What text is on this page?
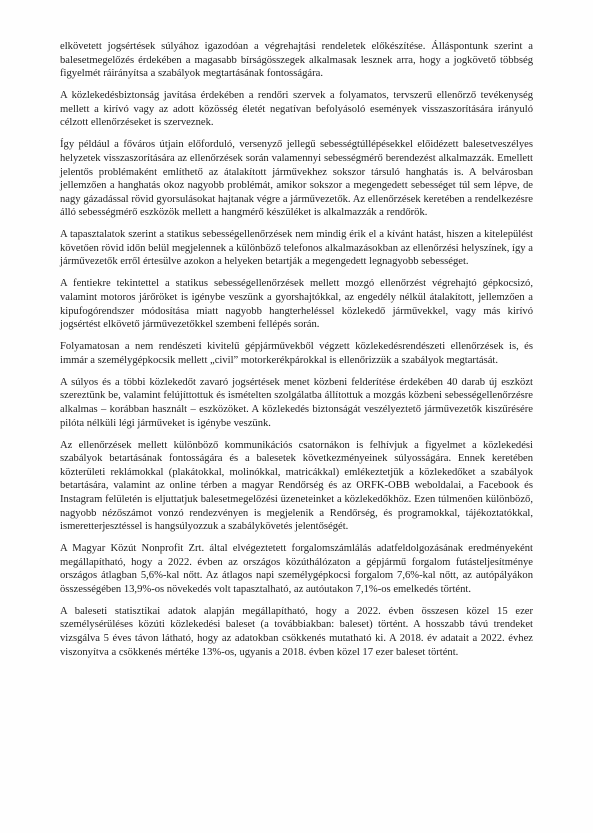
elkövetett jogsértések súlyához igazodóan a végrehajtási rendeletek előkészítése. Álláspontunk szerint a balesetmegelőzés érdekében a magasabb bírságösszegek alkalmasak lesznek arra, hogy a jogkövető többség figyelmét ráirányítsa a szabályok megtartásának fontosságára.

A közlekedésbiztonság javítása érdekében a rendőri szervek a folyamatos, tervszerű ellenőrző tevékenység mellett a kirívó vagy az adott közösség életét negatívan befolyásoló események visszaszorítására irányuló célzott ellenőrzéseket is szerveznek.

Így például a főváros útjain előforduló, versenyző jellegű sebességtúllépésekkel előidézett balesetveszélyes helyzetek visszaszorítására az ellenőrzések során valamennyi sebességmérő berendezést alkalmazzák. Emellett jelentős problémaként említhető az átalakított járművekhez sokszor társuló hanghatás is. A belvárosban jellemzően a hanghatás okoz nagyobb problémát, amikor sokszor a megengedett sebességet túl sem lépve, de nagy gázadással rövid gyorsulásokat hajtanak végre a járművezetők. Az ellenőrzések keretében a rendelkezésre álló sebességmérő eszközök mellett a hangmérő készüléket is alkalmazzák a rendőrök.

A tapasztalatok szerint a statikus sebességellenőrzések nem mindig érik el a kívánt hatást, hiszen a kitelepülést követően rövid időn belül megjelennek a különböző telefonos alkalmazásokban az ellenőrzési helyszínek, így a járművezetők erről értesülve azokon a helyeken betartják a megengedett legnagyobb sebességet.

A fentiekre tekintettel a statikus sebességellenőrzések mellett mozgó ellenőrzést végrehajtó gépkocsizó, valamint motoros járőröket is igénybe veszünk a gyorshajtókkal, az engedély nélkül átalakított, jellemzően a kipufogórendszer módosítása miatt nagyobb hangterheléssel közlekedő járművekkel, vagy más kirívó jogsértést elkövető járművezetőkkel szembeni fellépés során.

Folyamatosan a nem rendészeti kivitelű gépjárművekből végzett közlekedésrendészeti ellenőrzések is, és immár a személygépkocsik mellett „civil” motorkerékpárokkal is ellenőrizzük a szabályok megtartását.

A súlyos és a többi közlekedőt zavaró jogsértések menet közbeni felderítése érdekében 40 darab új eszközt szereztünk be, valamint felújíttottuk és ismételten szolgálatba állítottuk a mozgás közbeni sebességellenőrzésre alkalmas – korábban használt – eszközöket. A közlekedés biztonságát veszélyeztető járművezetők kiszűrésére pilóta nélküli légi járműveket is igénybe veszünk.

Az ellenőrzések mellett különböző kommunikációs csatornákon is felhívjuk a figyelmet a közlekedési szabályok betartásának fontosságára és a balesetek következményeinek súlyosságára. Ennek keretében közterületi reklámokkal (plakátokkal, molinókkal, matricákkal) emlékeztetjük a közlekedőket a szabályok betartására, valamint az online térben a magyar Rendőrség és az ORFK-OBB weboldalai, a Facebook és Instagram felületén is eljuttatjuk balesetmegelőzési üzeneteinket a közlekedőkhöz. Ezen túlmenően különböző, nagyobb nézőszámot vonzó rendezvényen is megjelenik a Rendőrség, és programokkal, tájékoztatókkal, ismeretterjesztéssel is hangsúlyozzuk a szabálykövetés jelentőségét.

A Magyar Közút Nonprofit Zrt. által elvégeztetett forgalomszámlálás adatfeldolgozásának eredményeként megállapítható, hogy a 2022. évben az országos közúthálózaton a gépjármű forgalom futásteljesítménye országos átlagban 5,6%-kal nőtt. Az átlagos napi személygépkocsi forgalom 7,6%-kal nőtt, az autópályákon összességében 13,9%-os növekedés volt tapasztalható, az autóutakon 7,1%-os emelkedés történt.

A baleseti statisztikai adatok alapján megállapítható, hogy a 2022. évben összesen közel 15 ezer személysérüléses közúti közlekedési baleset (a továbbiakban: baleset) történt. A hosszabb távú trendeket vizsgálva 5 éves távon látható, hogy az adatokban csökkenés mutatható ki. A 2018. év adatait a 2022. évhez viszonyítva a csökkenés mértéke 13%-os, ugyanis a 2018. évben közel 17 ezer baleset történt.
